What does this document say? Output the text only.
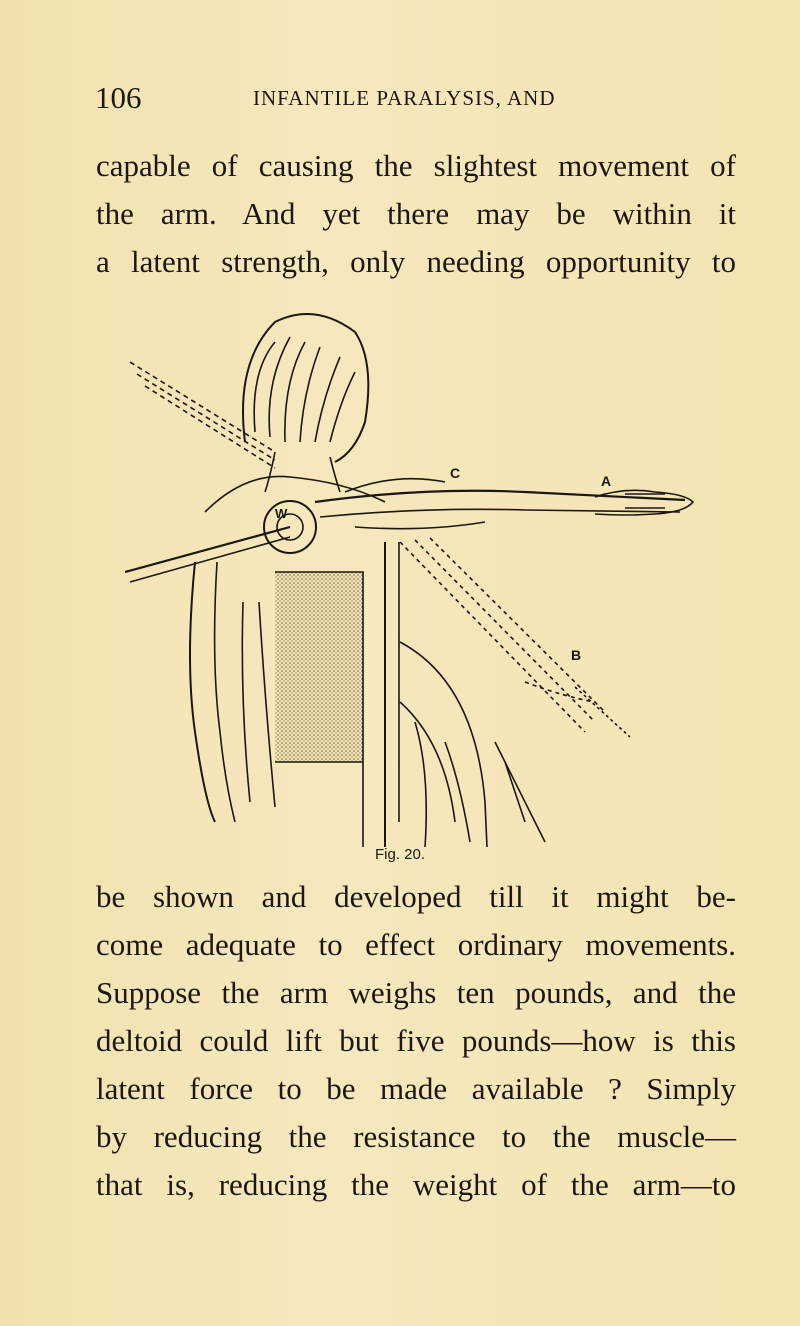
106	INFANTILE PARALYSIS, AND
capable of causing the slightest movement of
the arm. And yet there may be within it
a latent strength, only needing opportunity to
W
C	A
B
Fig. 20.
be shown and developed till it might be-
come adequate to effect ordinary movements.
Suppose the arm weighs ten pounds, and the
deltoid could lift but five pounds—how is this
latent force to be made available ? Simply
by reducing the resistance to the muscle—
that is, reducing the weight of the arm—to
